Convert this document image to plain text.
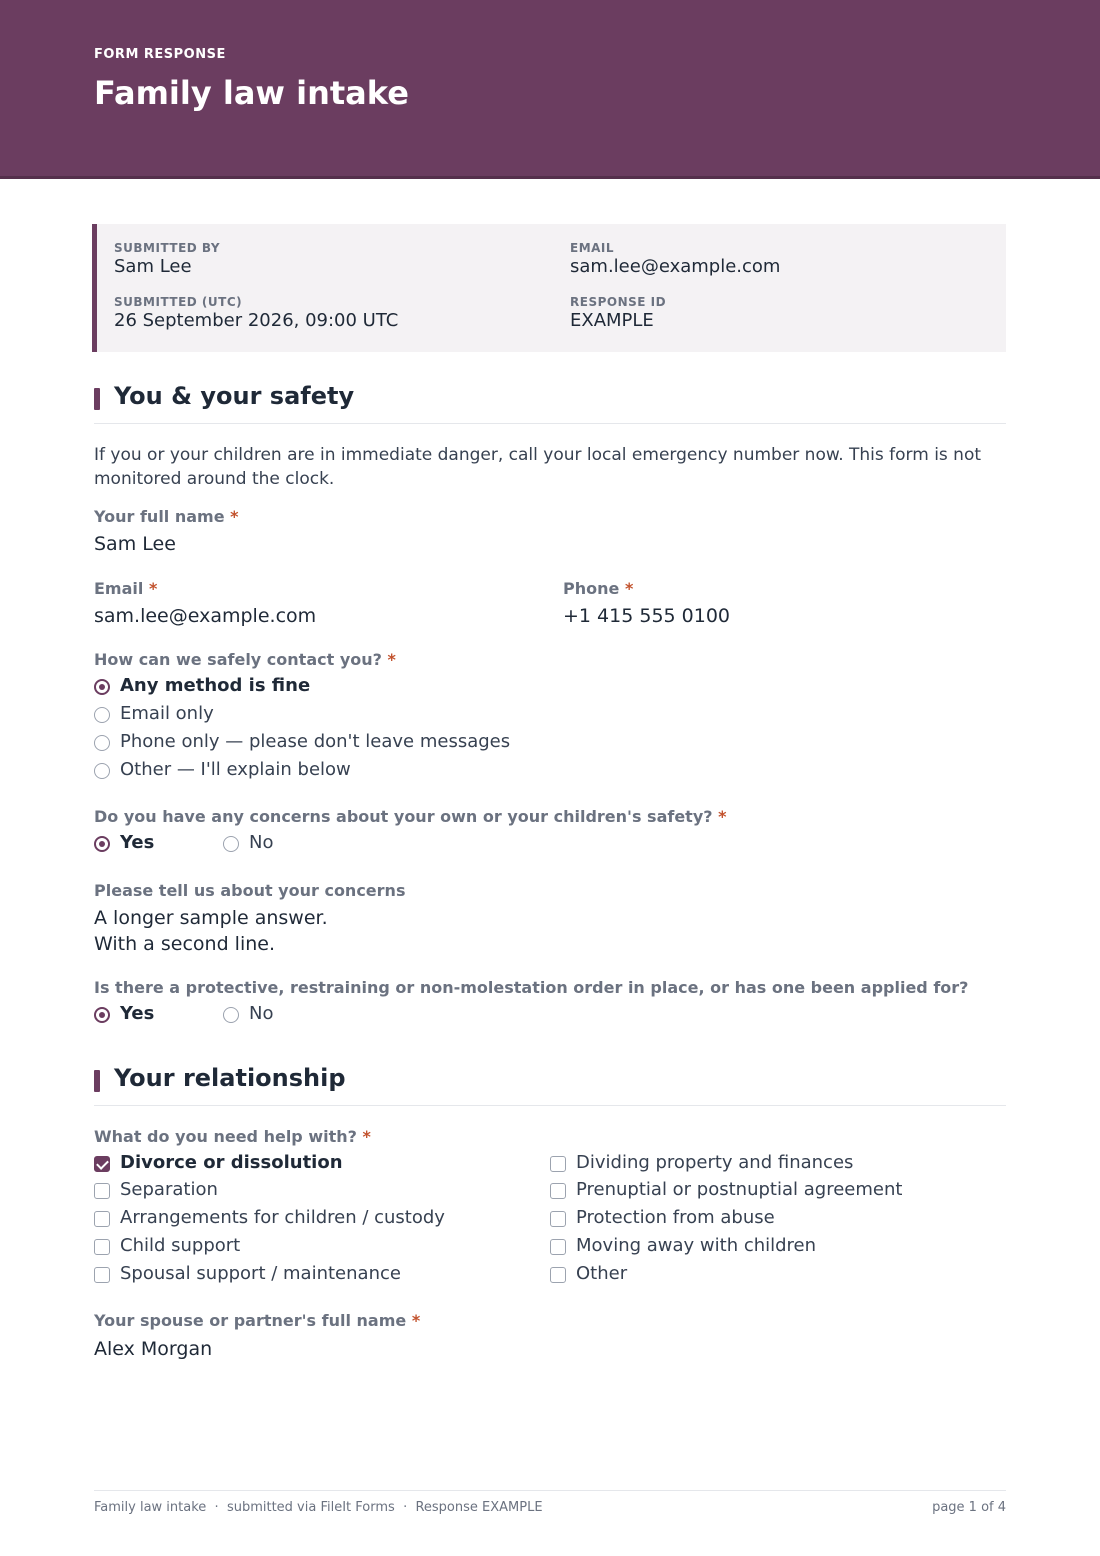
FORM RESPONSE
Family law intake
SUBMITTED BY
Sam Lee
EMAIL
sam.lee@example.com
SUBMITTED (UTC)
26 September 2026, 09:00 UTC
RESPONSE ID
EXAMPLE
You & your safety
If you or your children are in immediate danger, call your local emergency number now. This form is not monitored around the clock.
Your full name *
Sam Lee
Email *
sam.lee@example.com
Phone *
+1 415 555 0100
How can we safely contact you? *
Any method is fine
Email only
Phone only — please don't leave messages
Other — I'll explain below
Do you have any concerns about your own or your children's safety? *
Yes	No
Please tell us about your concerns
A longer sample answer.
With a second line.
Is there a protective, restraining or non-molestation order in place, or has one been applied for?
Yes	No
Your relationship
What do you need help with? *
Divorce or dissolution
Separation
Arrangements for children / custody
Child support
Spousal support / maintenance
Dividing property and finances
Prenuptial or postnuptial agreement
Protection from abuse
Moving away with children
Other
Your spouse or partner's full name *
Alex Morgan
Family law intake  ·  submitted via FileIt Forms  ·  Response EXAMPLE	page 1 of 4
